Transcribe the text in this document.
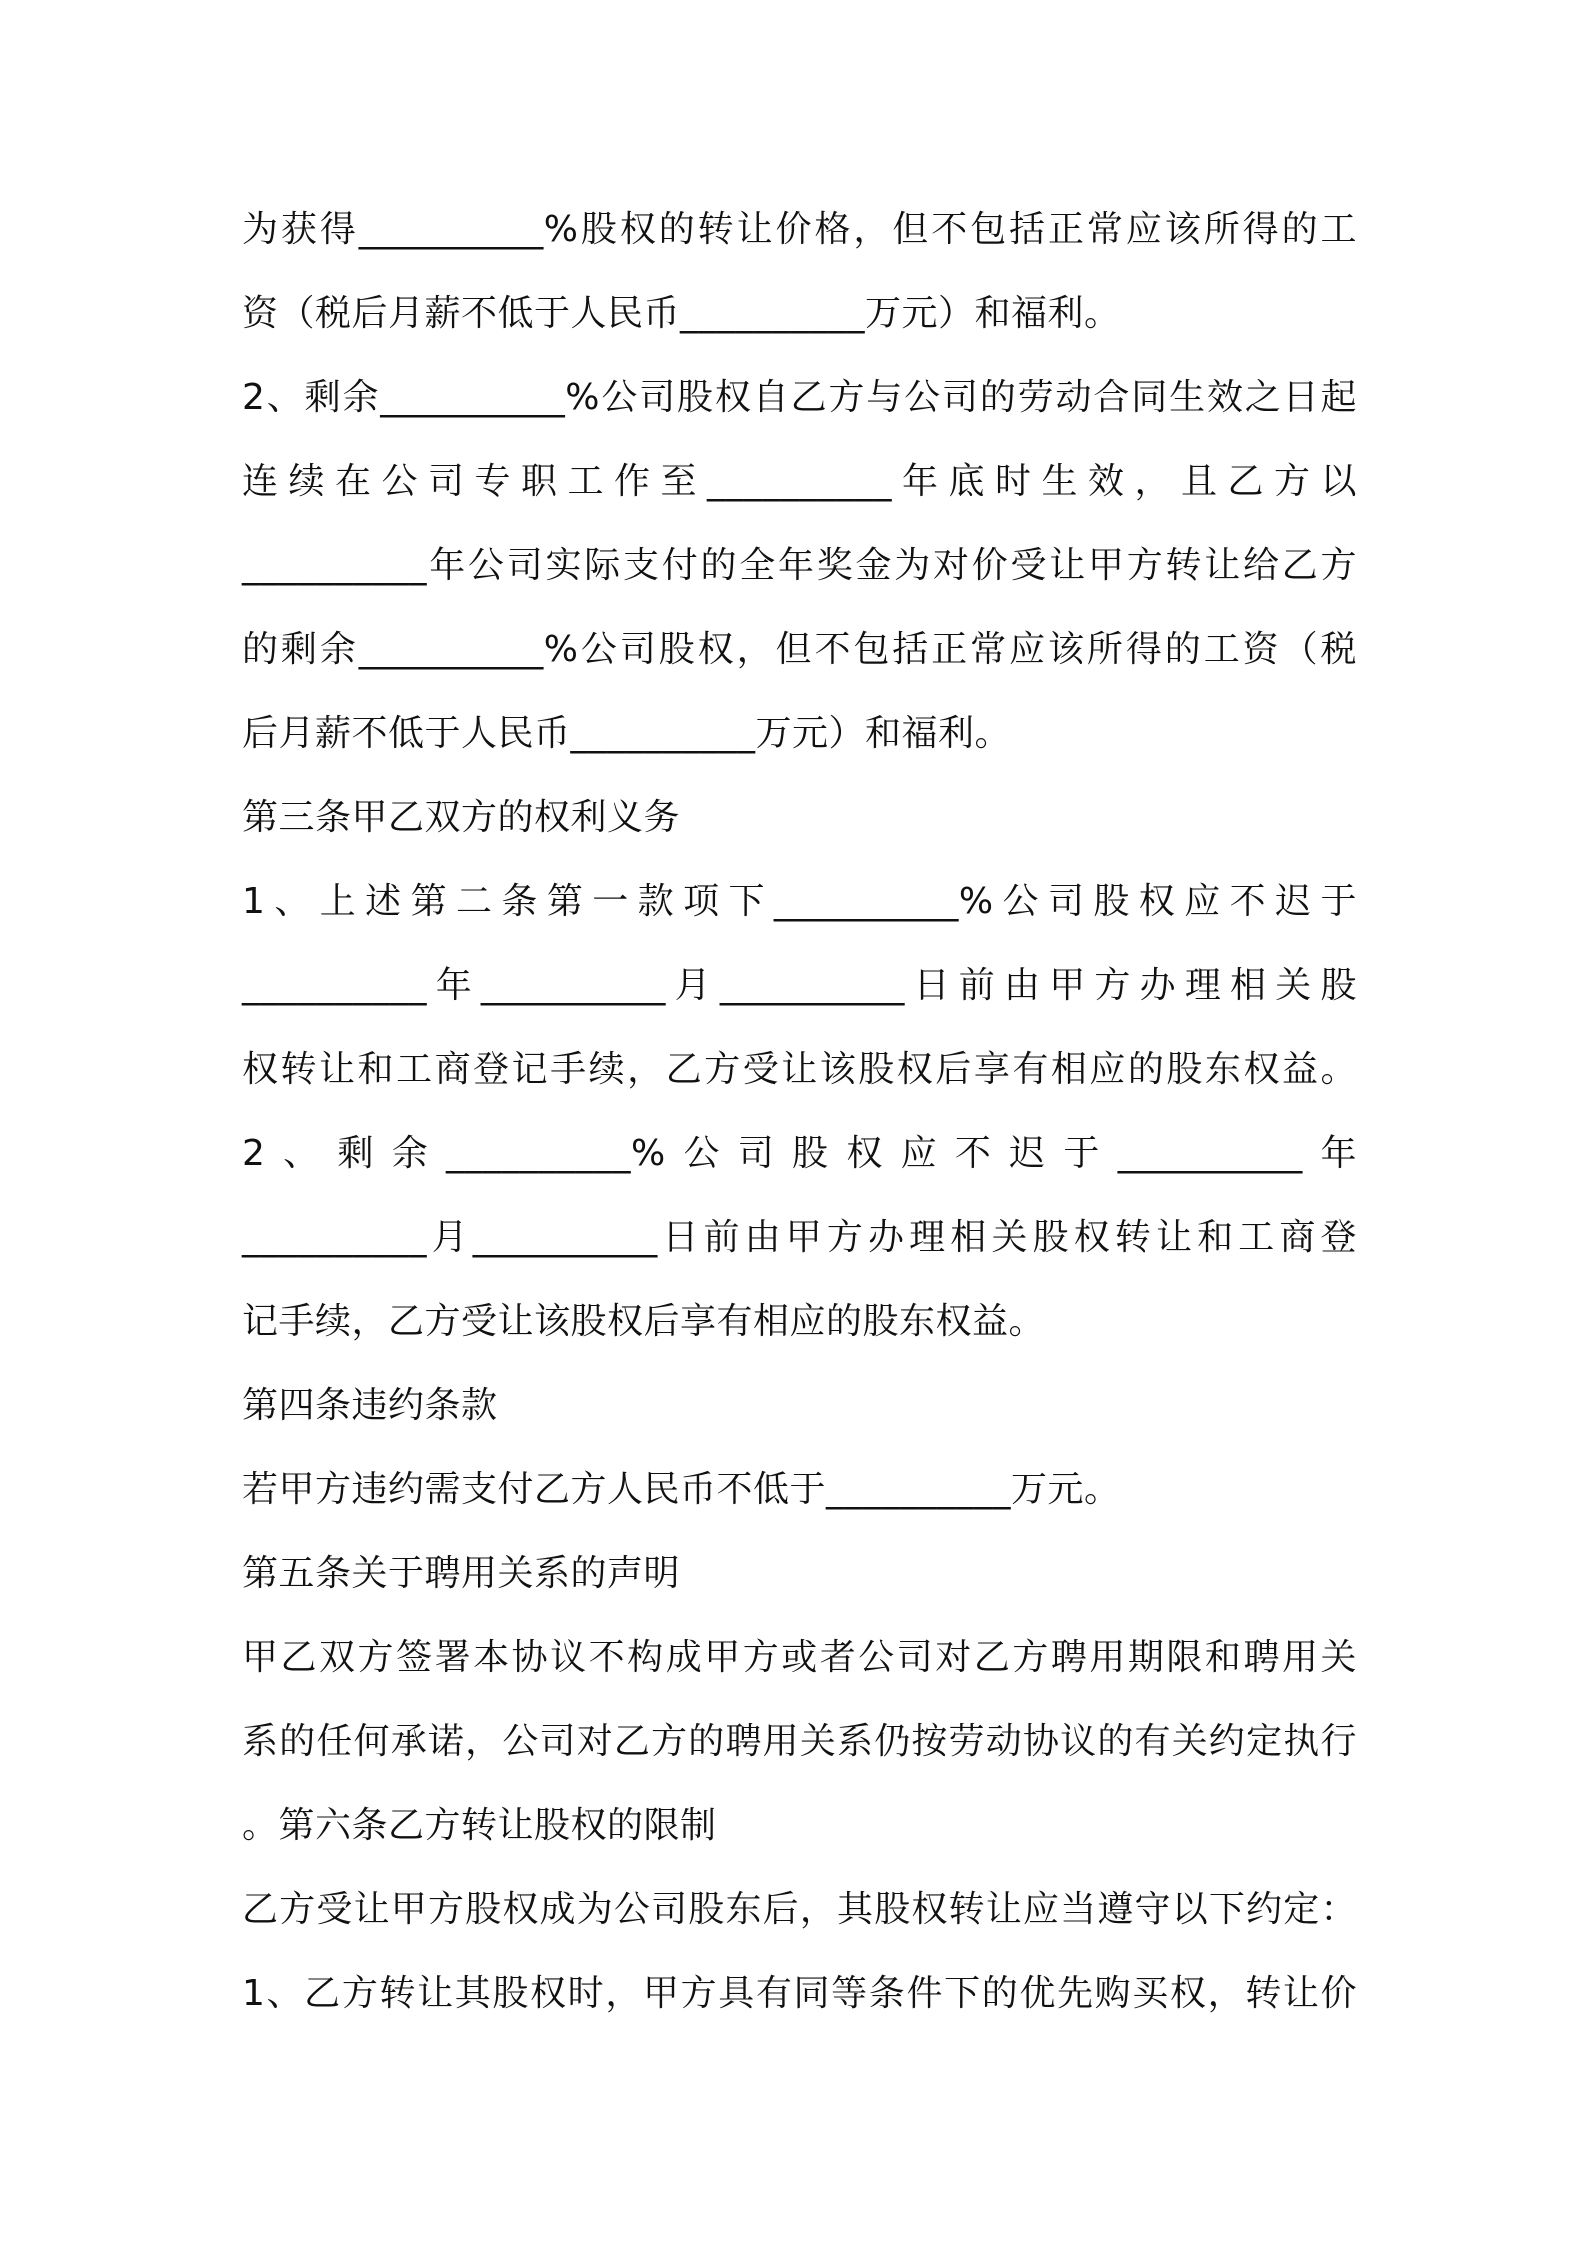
为获得__________%股权的转让价格，但不包括正常应该所得的工
资（税后月薪不低于人民币__________万元）和福利。
2、剩余__________%公司股权自乙方与公司的劳动合同生效之日起
连续在公司专职工作至__________年底时生效，且乙方以
__________年公司实际支付的全年奖金为对价受让甲方转让给乙方
的剩余__________%公司股权，但不包括正常应该所得的工资（税
后月薪不低于人民币__________万元）和福利。
第三条甲乙双方的权利义务
1、上述第二条第一款项下__________%公司股权应不迟于
__________年__________月__________日前由甲方办理相关股
权转让和工商登记手续，乙方受让该股权后享有相应的股东权益。
2、剩余__________%公司股权应不迟于__________年
__________月__________日前由甲方办理相关股权转让和工商登
记手续，乙方受让该股权后享有相应的股东权益。
第四条违约条款
若甲方违约需支付乙方人民币不低于__________万元。
第五条关于聘用关系的声明
甲乙双方签署本协议不构成甲方或者公司对乙方聘用期限和聘用关
系的任何承诺，公司对乙方的聘用关系仍按劳动协议的有关约定执行
。第六条乙方转让股权的限制
乙方受让甲方股权成为公司股东后，其股权转让应当遵守以下约定：
1、乙方转让其股权时，甲方具有同等条件下的优先购买权，转让价
